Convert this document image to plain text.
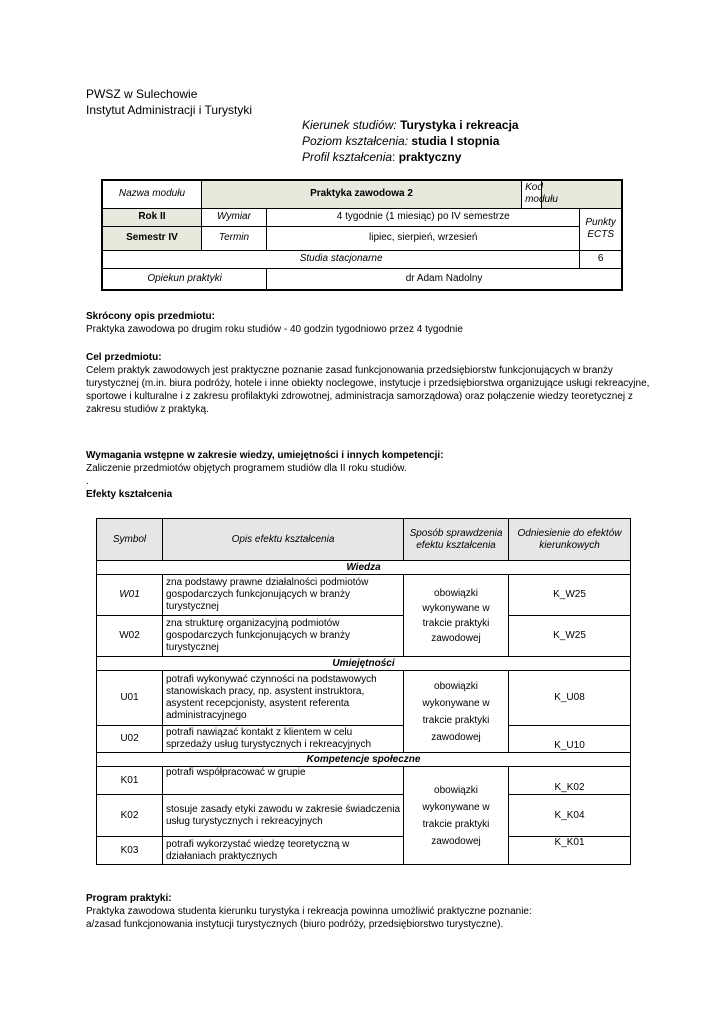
PWSZ w Sulechowie
Instytut Administracji i Turystyki
Kierunek studiów: Turystyka i rekreacja
Poziom kształcenia: studia I stopnia
Profil kształcenia: praktyczny
Nazwa modułu	Praktyka zawodowa 2		Kod modułu		
Rok II	Wymiar	4 tygodnie (1 miesiąc) po IV semestrze			Punkty ECTS
Semestr IV	Termin	lipiec, sierpień, wrzesień			
Studia stacjonarne					6
Opiekun praktyki		dr Adam Nadolny			
Skrócony opis przedmiotu:
Praktyka zawodowa po drugim roku studiów - 40 godzin tygodniowo przez 4 tygodnie
Cel przedmiotu:
Celem praktyk zawodowych jest praktyczne poznanie zasad funkcjonowania przedsiębiorstw funkcjonujących w branży turystycznej (m.in. biura podróży, hotele i inne obiekty noclegowe, instytucje i przedsiębiorstwa organizujące usługi rekreacyjne, sportowe i kulturalne i z zakresu profilaktyki zdrowotnej, administracja samorządowa) oraz połączenie wiedzy teoretycznej z zakresu studiów z praktyką.
Wymagania wstępne w zakresie wiedzy, umiejętności i innych kompetencji:
Zaliczenie przedmiotów objętych programem studiów dla II roku studiów.
.
Efekty kształcenia
Symbol	Opis efektu kształcenia	Sposób sprawdzenia efektu kształcenia	Odniesienie do efektów kierunkowych
Wiedza			
W01	zna podstawy prawne działalności podmiotów gospodarczych funkcjonujących w branży turystycznej	obowiązki wykonywane w trakcie praktyki zawodowej	K_W25
W02	zna strukturę organizacyjną podmiotów gospodarczych funkcjonujących w branży turystycznej		K_W25
Umiejętności			
U01	potrafi wykonywać czynności na podstawowych stanowiskach pracy, np. asystent instruktora, asystent recepcjonisty, asystent referenta administracyjnego	obowiązki wykonywane w trakcie praktyki zawodowej	K_U08
U02	potrafi nawiązać kontakt z klientem w celu sprzedaży usług turystycznych i rekreacyjnych		K_U10
Kompetencje społeczne			
K01	potrafi współpracować w grupie	obowiązki wykonywane w trakcie praktyki zawodowej	K_K02
K02	stosuje zasady etyki zawodu w zakresie świadczenia usług turystycznych i rekreacyjnych		K_K04
K03	potrafi wykorzystać wiedzę teoretyczną w działaniach praktycznych		K_K01
Program praktyki:
Praktyka zawodowa studenta kierunku turystyka i rekreacja powinna umożliwić praktyczne poznanie:
a/zasad funkcjonowania instytucji turystycznych (biuro podróży, przedsiębiorstwo turystyczne).
